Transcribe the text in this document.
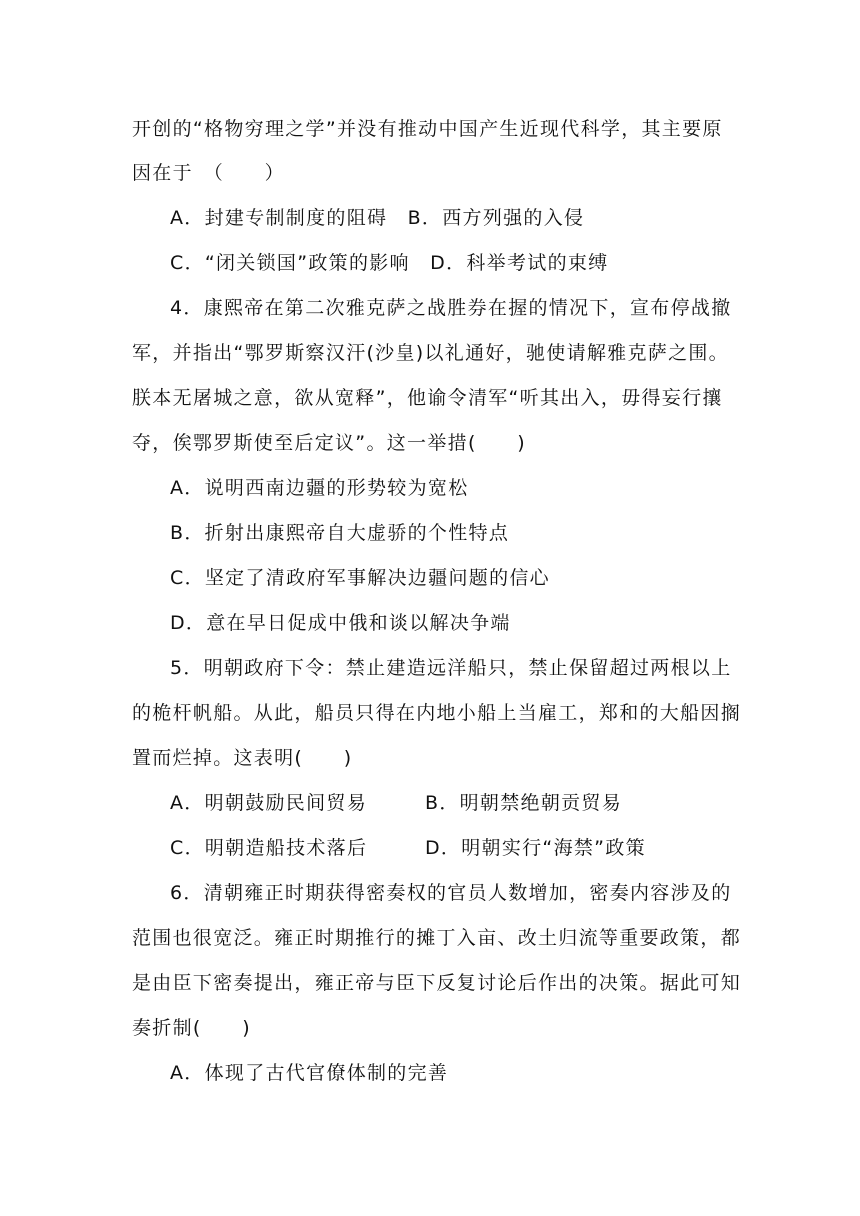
开创的“格物穷理之学”并没有推动中国产生近现代科学，其主要原
因在于　（　　）
A．封建专制制度的阻碍　B．西方列强的入侵
C．“闭关锁国”政策的影响　D．科举考试的束缚
4．康熙帝在第二次雅克萨之战胜券在握的情况下，宣布停战撤
军，并指出“鄂罗斯察汉汗(沙皇)以礼通好，驰使请解雅克萨之围。
朕本无屠城之意，欲从宽释”，他谕令清军“听其出入，毋得妄行攘
夺，俟鄂罗斯使至后定议”。这一举措(　　)
A．说明西南边疆的形势较为宽松
B．折射出康熙帝自大虚骄的个性特点
C．坚定了清政府军事解决边疆问题的信心
D．意在早日促成中俄和谈以解决争端
5．明朝政府下令：禁止建造远洋船只，禁止保留超过两根以上
的桅杆帆船。从此，船员只得在内地小船上当雇工，郑和的大船因搁
置而烂掉。这表明(　　)
A．明朝鼓励民间贸易	B．明朝禁绝朝贡贸易
C．明朝造船技术落后	D．明朝实行“海禁”政策
6．清朝雍正时期获得密奏权的官员人数增加，密奏内容涉及的
范围也很宽泛。雍正时期推行的摊丁入亩、改土归流等重要政策，都
是由臣下密奏提出，雍正帝与臣下反复讨论后作出的决策。据此可知
奏折制(　　)
A．体现了古代官僚体制的完善
